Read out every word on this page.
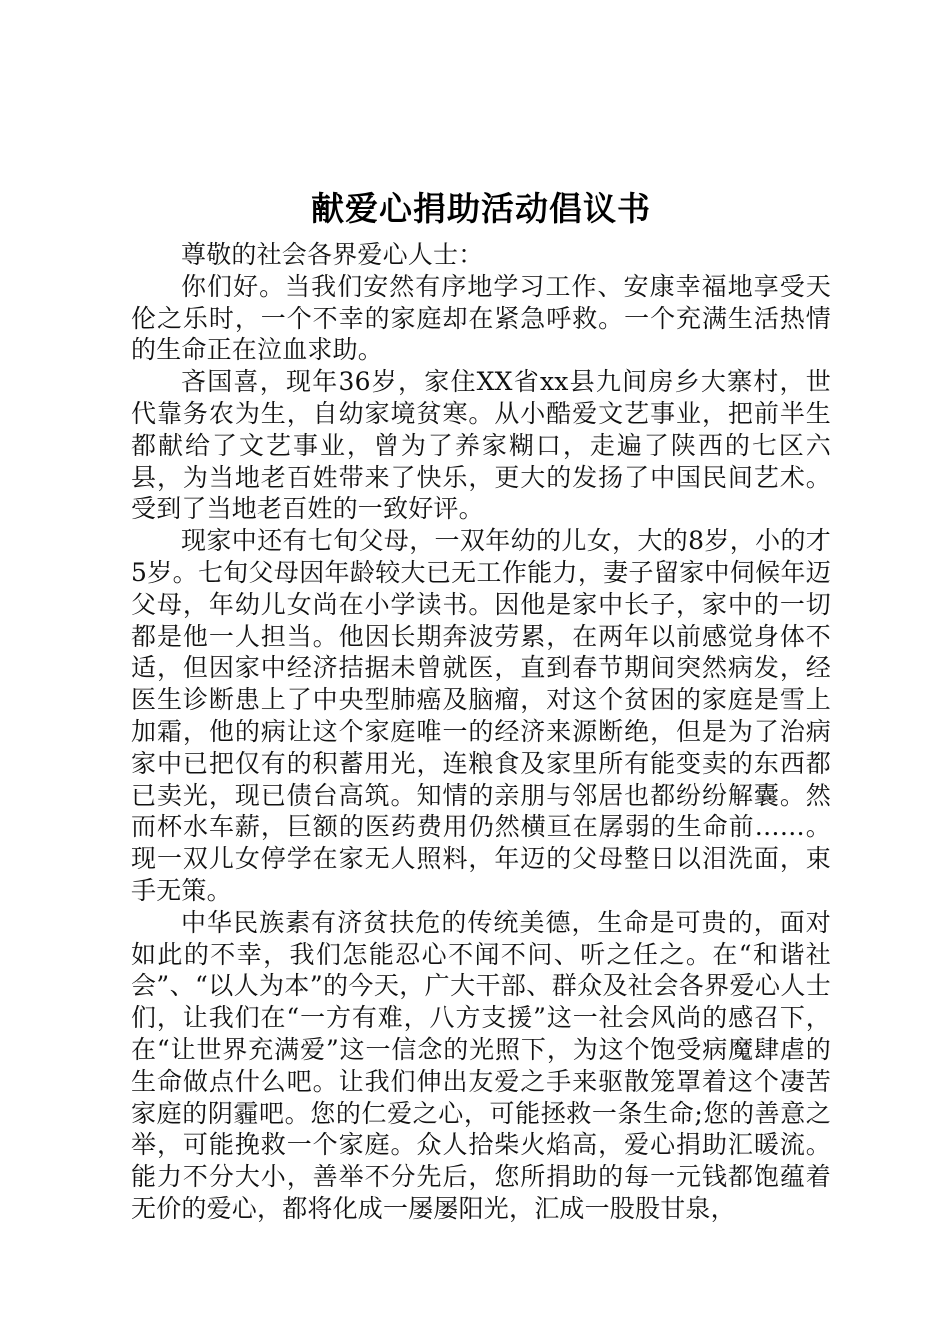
献爱心捐助活动倡议书

尊敬的社会各界爱心人士：

你们好。当我们安然有序地学习工作、安康幸福地享受天伦之乐时，一个不幸的家庭却在紧急呼救。一个充满生活热情的生命正在泣血求助。

吝国喜，现年36岁，家住XX省xx县九间房乡大寨村，世代靠务农为生，自幼家境贫寒。从小酷爱文艺事业，把前半生都献给了文艺事业，曾为了养家糊口，走遍了陕西的七区六县，为当地老百姓带来了快乐，更大的发扬了中国民间艺术。受到了当地老百姓的一致好评。

现家中还有七旬父母，一双年幼的儿女，大的8岁，小的才5岁。七旬父母因年龄较大已无工作能力，妻子留家中伺候年迈父母，年幼儿女尚在小学读书。因他是家中长子，家中的一切都是他一人担当。他因长期奔波劳累，在两年以前感觉身体不适，但因家中经济拮据未曾就医，直到春节期间突然病发，经医生诊断患上了中央型肺癌及脑瘤，对这个贫困的家庭是雪上加霜，他的病让这个家庭唯一的经济来源断绝，但是为了治病家中已把仅有的积蓄用光，连粮食及家里所有能变卖的东西都已卖光，现已债台高筑。知情的亲朋与邻居也都纷纷解囊。然而杯水车薪，巨额的医药费用仍然横亘在孱弱的生命前……。现一双儿女停学在家无人照料，年迈的父母整日以泪洗面，束手无策。

中华民族素有济贫扶危的传统美德，生命是可贵的，面对如此的不幸，我们怎能忍心不闻不问、听之任之。在“和谐社会”、“以人为本”的今天，广大干部、群众及社会各界爱心人士们，让我们在“一方有难，八方支援”这一社会风尚的感召下，在“让世界充满爱”这一信念的光照下，为这个饱受病魔肆虐的生命做点什么吧。让我们伸出友爱之手来驱散笼罩着这个凄苦家庭的阴霾吧。您的仁爱之心，可能拯救一条生命;您的善意之举，可能挽救一个家庭。众人拾柴火焰高，爱心捐助汇暖流。能力不分大小，善举不分先后，您所捐助的每一元钱都饱蕴着无价的爱心，都将化成一屡屡阳光，汇成一股股甘泉，
